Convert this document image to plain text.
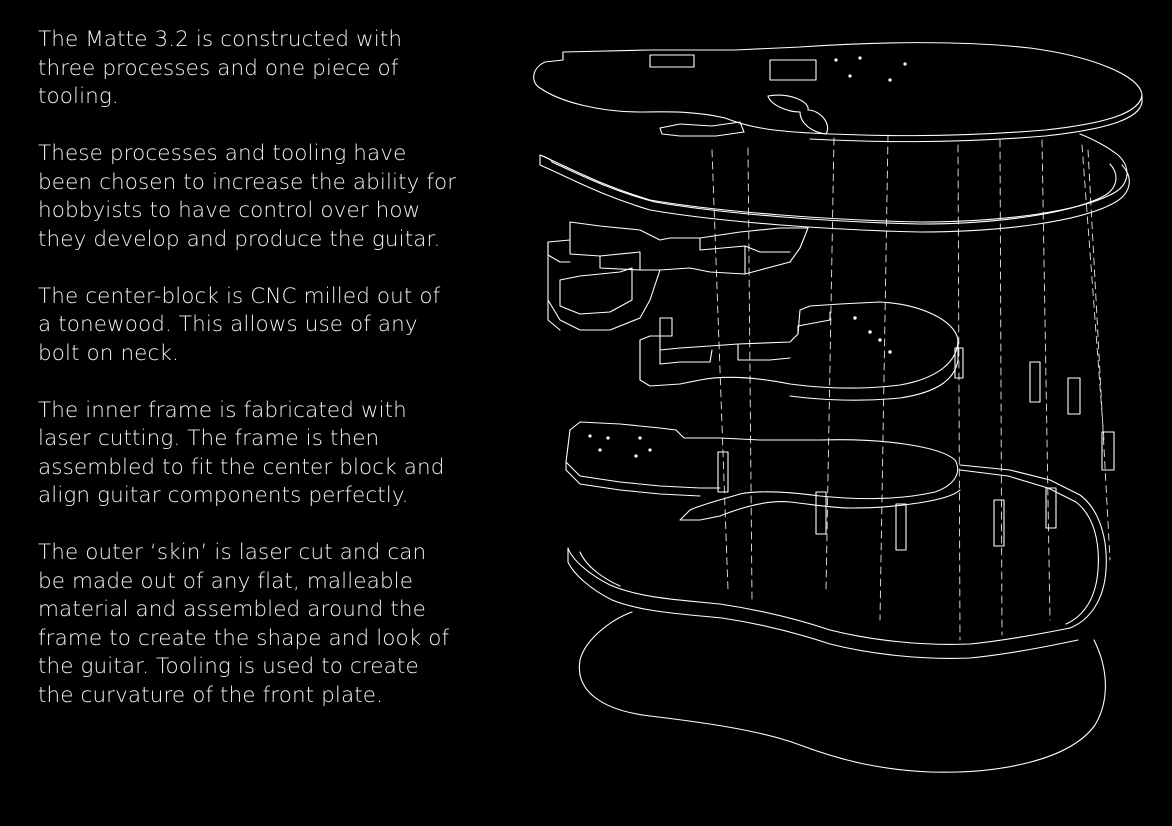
The Matte 3.2 is constructed with three processes and one piece of tooling.

These processes and tooling have been chosen to increase the ability for hobbyists to have control over how they develop and produce the guitar.

The center-block is CNC milled out of a tonewood. This allows use of any bolt on neck.

The inner frame is fabricated with laser cutting. The frame is then assembled to fit the center block and align guitar components perfectly.

The outer ‘skin’ is laser cut and can be made out of any flat, malleable material and assembled around the frame to create the shape and look of the guitar. Tooling is used to create the curvature of the front plate.
